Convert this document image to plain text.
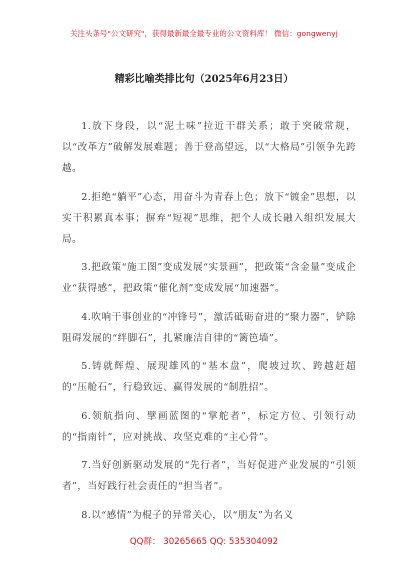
关注头条号"公文研究"，获得最新最全最专业的公文资料库！ 微信：gongwenyj
精彩比喻类排比句（2025年6月23日）

1.放下身段，以“泥土味”拉近干群关系；敢于突破常规，以“改革方”破解发展难题；善于登高望远，以“大格局”引领争先跨越。

2.拒绝“躺平”心态，用奋斗为青春上色；放下“镀金”思想，以实干积累真本事；摒弃“短视”思维，把个人成长融入组织发展大局。

3.把政策“施工图”变成发展“实景画”，把政策“含金量”变成企业“获得感”，把政策“催化剂”变成发展“加速器”。

4.吹响干事创业的“冲锋号”，激活砥砺奋进的“聚力器”，铲除阻碍发展的“绊脚石”，扎紧廉洁自律的“篱笆墙”。

5.铸就辉煌、展现雄风的“基本盘”，爬坡过坎、跨越赶超的“压舱石”，行稳致远、赢得发展的“制胜招”。

6.领航指向、擘画蓝图的“掌舵者”，标定方位、引领行动的“指南针”，应对挑战、攻坚克难的“主心骨”。

7.当好创新驱动发展的“先行者”，当好促进产业发展的“引领者”，当好践行社会责任的“担当者”。

8.以“感情”为棍子的异常关心，以“朋友”为名义

QQ群： 30265665 QQ: 535304092
